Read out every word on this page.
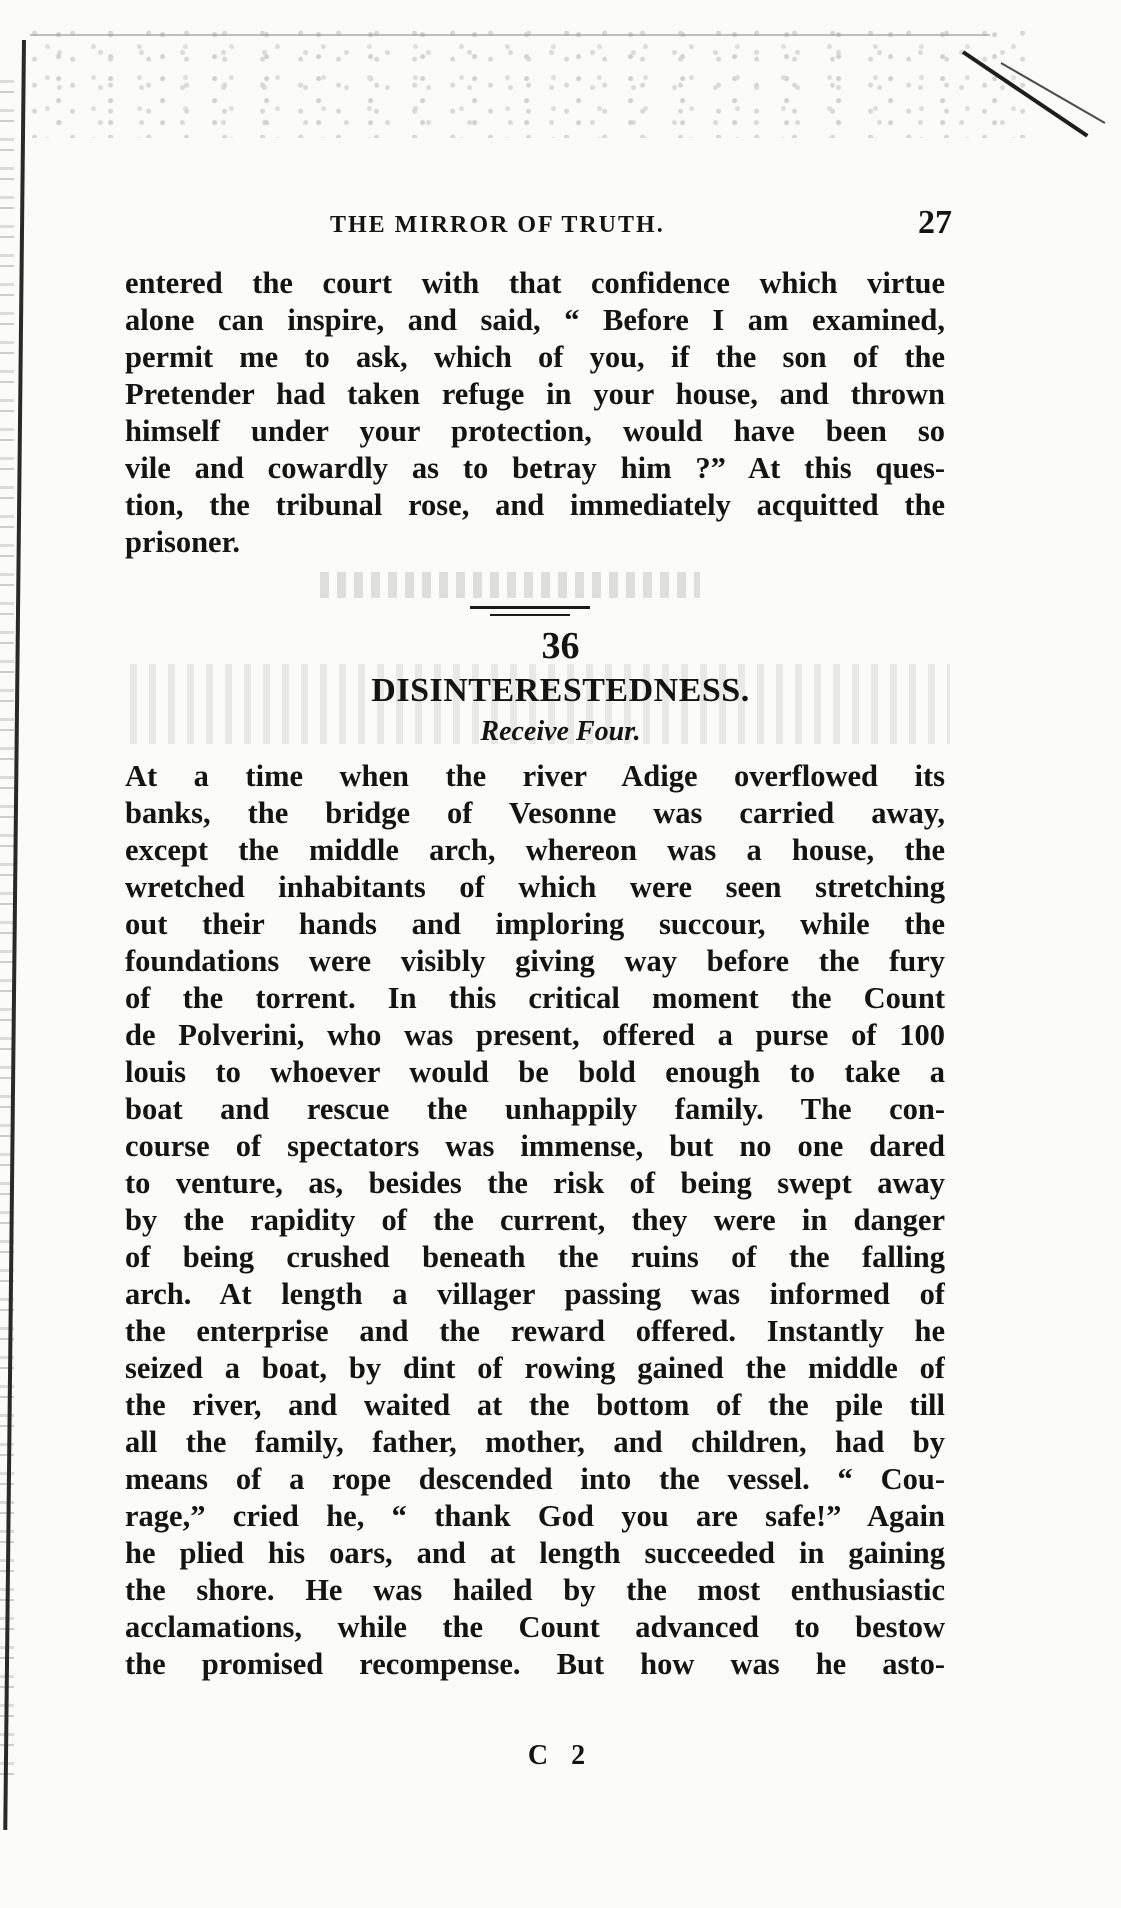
THE MIRROR OF TRUTH.	27
entered the court with that confidence which virtue
alone can inspire, and said, “ Before I am examined,
permit me to ask, which of you, if the son of the
Pretender had taken refuge in your house, and thrown
himself under your protection, would have been so
vile and cowardly as to betray him ?” At this ques-
tion, the tribunal rose, and immediately acquitted the
prisoner.
36
DISINTERESTEDNESS.
Receive Four.
At a time when the river Adige overflowed its
banks, the bridge of Vesonne was carried away,
except the middle arch, whereon was a house, the
wretched inhabitants of which were seen stretching
out their hands and imploring succour, while the
foundations were visibly giving way before the fury
of the torrent. In this critical moment the Count
de Polverini, who was present, offered a purse of 100
louis to whoever would be bold enough to take a
boat and rescue the unhappily family. The con-
course of spectators was immense, but no one dared
to venture, as, besides the risk of being swept away
by the rapidity of the current, they were in danger
of being crushed beneath the ruins of the falling
arch. At length a villager passing was informed of
the enterprise and the reward offered. Instantly he
seized a boat, by dint of rowing gained the middle of
the river, and waited at the bottom of the pile till
all the family, father, mother, and children, had by
means of a rope descended into the vessel. “ Cou-
rage,” cried he, “ thank God you are safe!” Again
he plied his oars, and at length succeeded in gaining
the shore. He was hailed by the most enthusiastic
acclamations, while the Count advanced to bestow
the promised recompense. But how was he asto-
C 2
